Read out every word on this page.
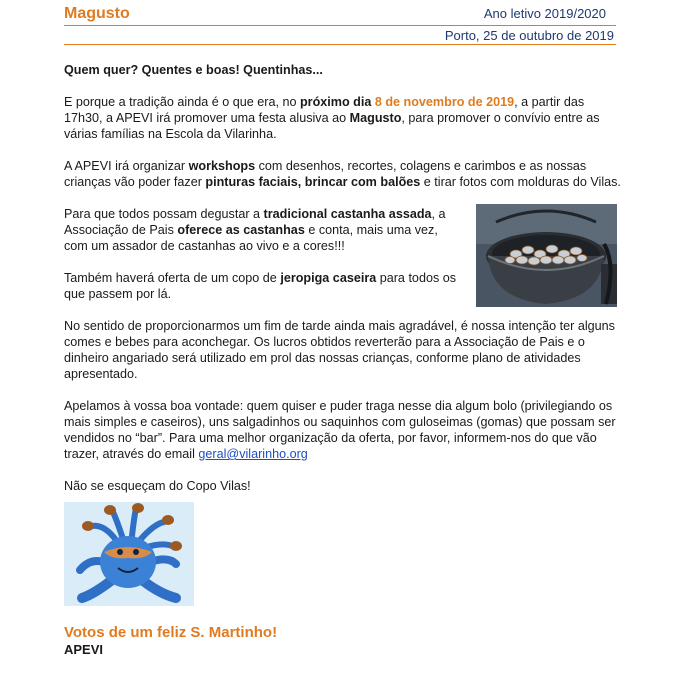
Magusto	Ano letivo 2019/2020
Porto, 25 de outubro de 2019

Quem quer? Quentes e boas! Quentinhas...

E porque a tradição ainda é o que era, no próximo dia 8 de novembro de 2019, a partir das 17h30, a APEVI irá promover uma festa alusiva ao Magusto, para promover o convívio entre as várias famílias na Escola da Vilarinha.

A APEVI irá organizar workshops com desenhos, recortes, colagens e carimbos e as nossas crianças vão poder fazer pinturas faciais, brincar com balões e tirar fotos com molduras do Vilas.

Para que todos possam degustar a tradicional castanha assada, a Associação de Pais oferece as castanhas e conta, mais uma vez, com um assador de castanhas ao vivo e a cores!!!

Também haverá oferta de um copo de jeropiga caseira para todos os que passem por lá.

No sentido de proporcionarmos um fim de tarde ainda mais agradável, é nossa intenção ter alguns comes e bebes para aconchegar. Os lucros obtidos reverterão para a Associação de Pais e o dinheiro angariado será utilizado em prol das nossas crianças, conforme plano de atividades apresentado.

Apelamos à vossa boa vontade: quem quiser e puder traga nesse dia algum bolo (privilegiando os mais simples e caseiros), uns salgadinhos ou saquinhos com guloseimas (gomas) que possam ser vendidos no “bar”. Para uma melhor organização da oferta, por favor, informem-nos do que vão trazer, através do email geral@vilarinho.org

Não se esqueçam do Copo Vilas!

Votos de um feliz S. Martinho!
APEVI
